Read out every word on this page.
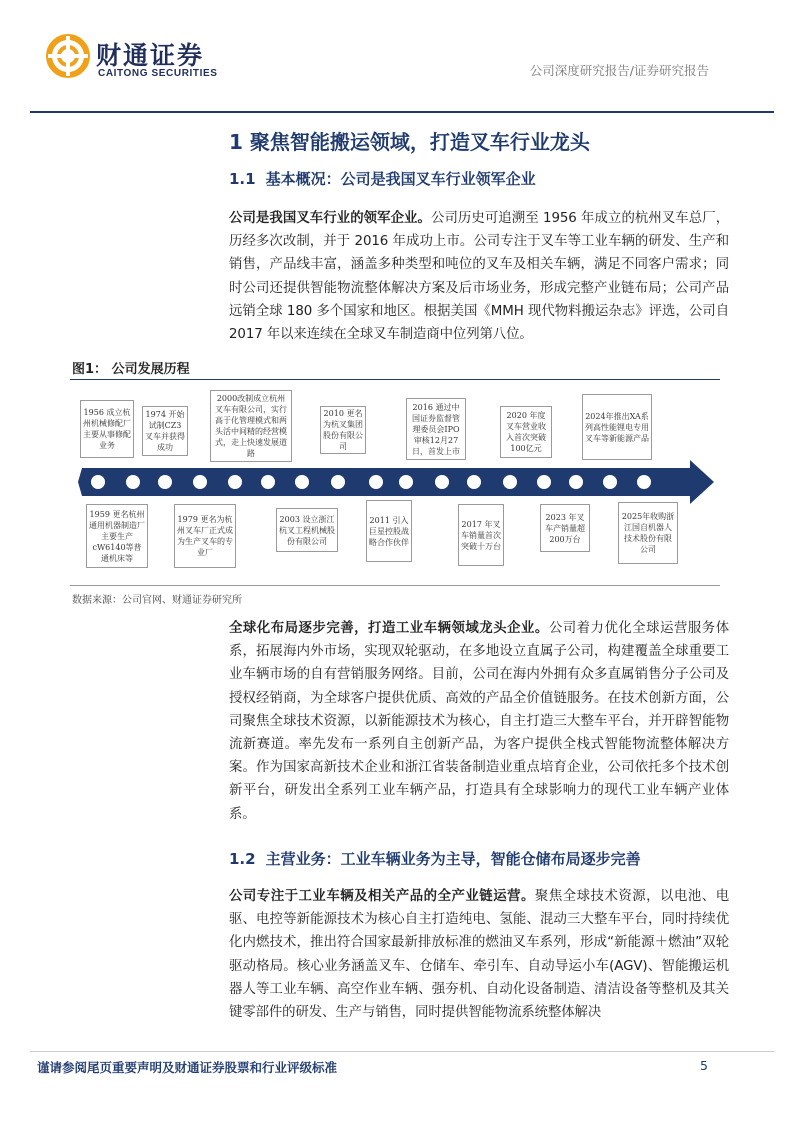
财通证券
CAITONG SECURITIES	公司深度研究报告/证券研究报告
1 聚焦智能搬运领域，打造叉车行业龙头
1.1 基本概况：公司是我国叉车行业领军企业
公司是我国叉车行业的领军企业。公司历史可追溯至 1956 年成立的杭州叉车总厂，历经多次改制，并于 2016 年成功上市。公司专注于叉车等工业车辆的研发、生产和销售，产品线丰富，涵盖多种类型和吨位的叉车及相关车辆，满足不同客户需求；同时公司还提供智能物流整体解决方案及后市场业务，形成完整产业链布局；公司产品远销全球 180 多个国家和地区。根据美国《MMH 现代物料搬运杂志》评选，公司自 2017 年以来连续在全球叉车制造商中位列第八位。
图1： 公司发展历程
1956 成立杭州机械修配厂主要从事修配业务
1974 开始试制CZ3叉车并获得成功
2000改制成立杭州叉车有限公司，实行高于化管理模式和两头活中间精的经营模式，走上快速发展道路
2010 更名为杭叉集团股份有限公司
2016 通过中国证券监督管理委员会IPO审核12月27日，首发上市
2020 年度叉车营业收入首次突破100亿元
2024年推出XA系列高性能锂电专用叉车等新能源产品
1959 更名杭州通用机器制造厂主要生产cW6140等普通机床等
1979 更名为杭州叉车厂正式成为生产叉车的专业厂
2003 设立浙江杭叉工程机械股份有限公司
2011 引入巨星控股战略合作伙伴
2017 年叉车销量首次突破十万台
2023 年叉车产销量超200万台
2025年收购浙江国自机器人技术股份有限公司
数据来源：公司官网、财通证券研究所
全球化布局逐步完善，打造工业车辆领域龙头企业。公司着力优化全球运营服务体系，拓展海内外市场，实现双轮驱动，在多地设立直属子公司，构建覆盖全球重要工业车辆市场的自有营销服务网络。目前，公司在海内外拥有众多直属销售分子公司及授权经销商，为全球客户提供优质、高效的产品全价值链服务。在技术创新方面，公司聚焦全球技术资源，以新能源技术为核心，自主打造三大整车平台，并开辟智能物流新赛道。率先发布一系列自主创新产品，为客户提供全栈式智能物流整体解决方案。作为国家高新技术企业和浙江省装备制造业重点培育企业，公司依托多个技术创新平台，研发出全系列工业车辆产品，打造具有全球影响力的现代工业车辆产业体系。
1.2 主营业务：工业车辆业务为主导，智能仓储布局逐步完善
公司专注于工业车辆及相关产品的全产业链运营。聚焦全球技术资源，以电池、电驱、电控等新能源技术为核心自主打造纯电、氢能、混动三大整车平台，同时持续优化内燃技术，推出符合国家最新排放标准的燃油叉车系列，形成“新能源＋燃油”双轮驱动格局。核心业务涵盖叉车、仓储车、牵引车、自动导运小车(AGV)、智能搬运机器人等工业车辆、高空作业车辆、强夯机、自动化设备制造、清洁设备等整机及其关键零部件的研发、生产与销售，同时提供智能物流系统整体解决
谨请参阅尾页重要声明及财通证券股票和行业评级标准	5
